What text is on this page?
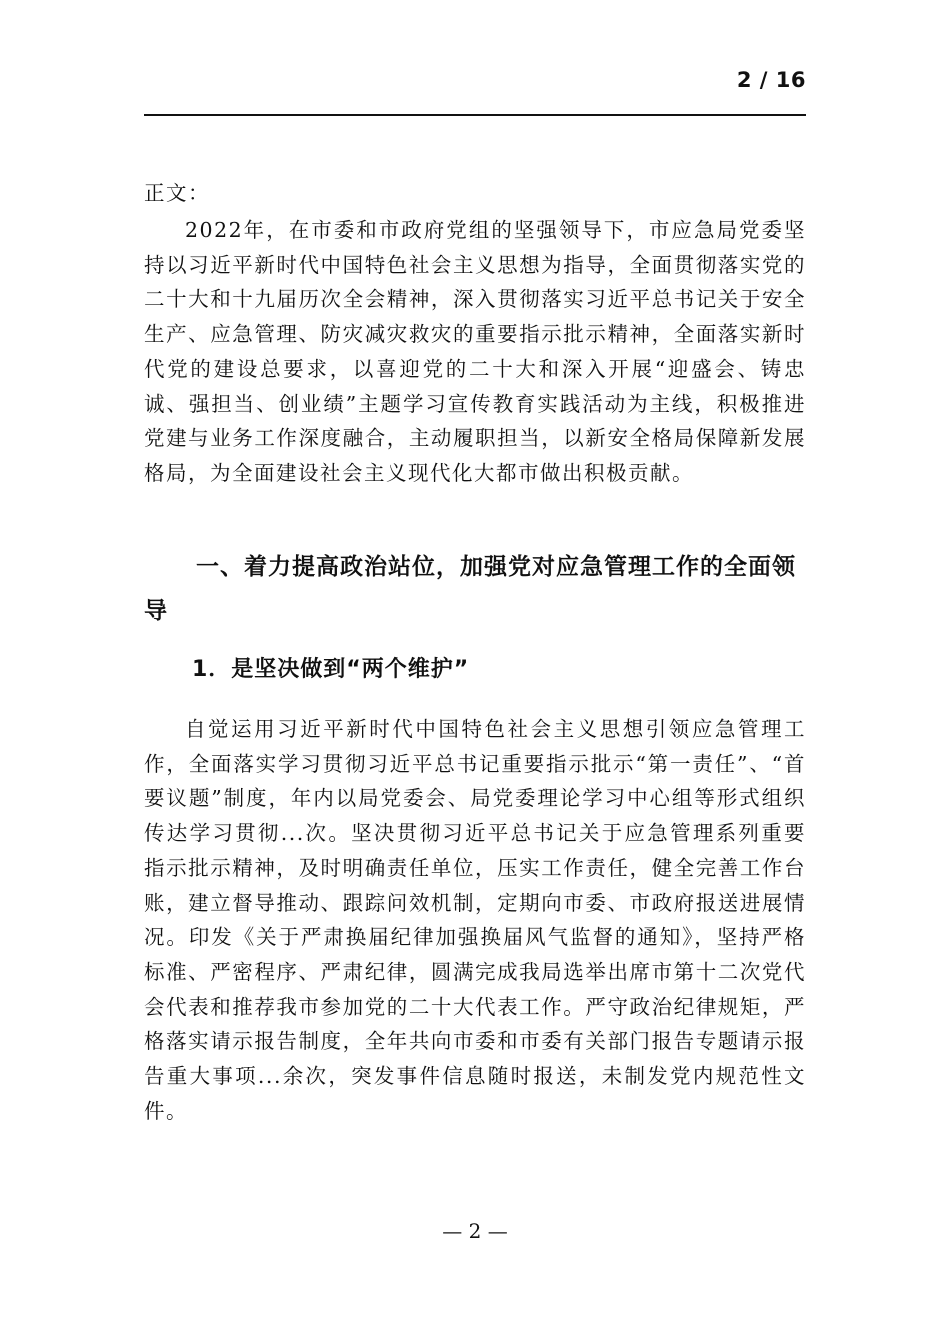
2 / 16
正文：
2022年，在市委和市政府党组的坚强领导下，市应急局党委坚持以习近平新时代中国特色社会主义思想为指导，全面贯彻落实党的二十大和十九届历次全会精神，深入贯彻落实习近平总书记关于安全生产、应急管理、防灾减灾救灾的重要指示批示精神，全面落实新时代党的建设总要求，以喜迎党的二十大和深入开展“迎盛会、铸忠诚、强担当、创业绩”主题学习宣传教育实践活动为主线，积极推进党建与业务工作深度融合，主动履职担当，以新安全格局保障新发展格局，为全面建设社会主义现代化大都市做出积极贡献。
一、着力提高政治站位，加强党对应急管理工作的全面领导
1．是坚决做到“两个维护”
自觉运用习近平新时代中国特色社会主义思想引领应急管理工作，全面落实学习贯彻习近平总书记重要指示批示“第一责任”、“首要议题”制度，年内以局党委会、局党委理论学习中心组等形式组织传达学习贯彻...次。坚决贯彻习近平总书记关于应急管理系列重要指示批示精神，及时明确责任单位，压实工作责任，健全完善工作台账，建立督导推动、跟踪问效机制，定期向市委、市政府报送进展情况。印发《关于严肃换届纪律加强换届风气监督的通知》，坚持严格标准、严密程序、严肃纪律，圆满完成我局选举出席市第十二次党代会代表和推荐我市参加党的二十大代表工作。严守政治纪律规矩，严格落实请示报告制度，全年共向市委和市委有关部门报告专题请示报告重大事项...余次，突发事件信息随时报送，未制发党内规范性文件。
— 2 —
